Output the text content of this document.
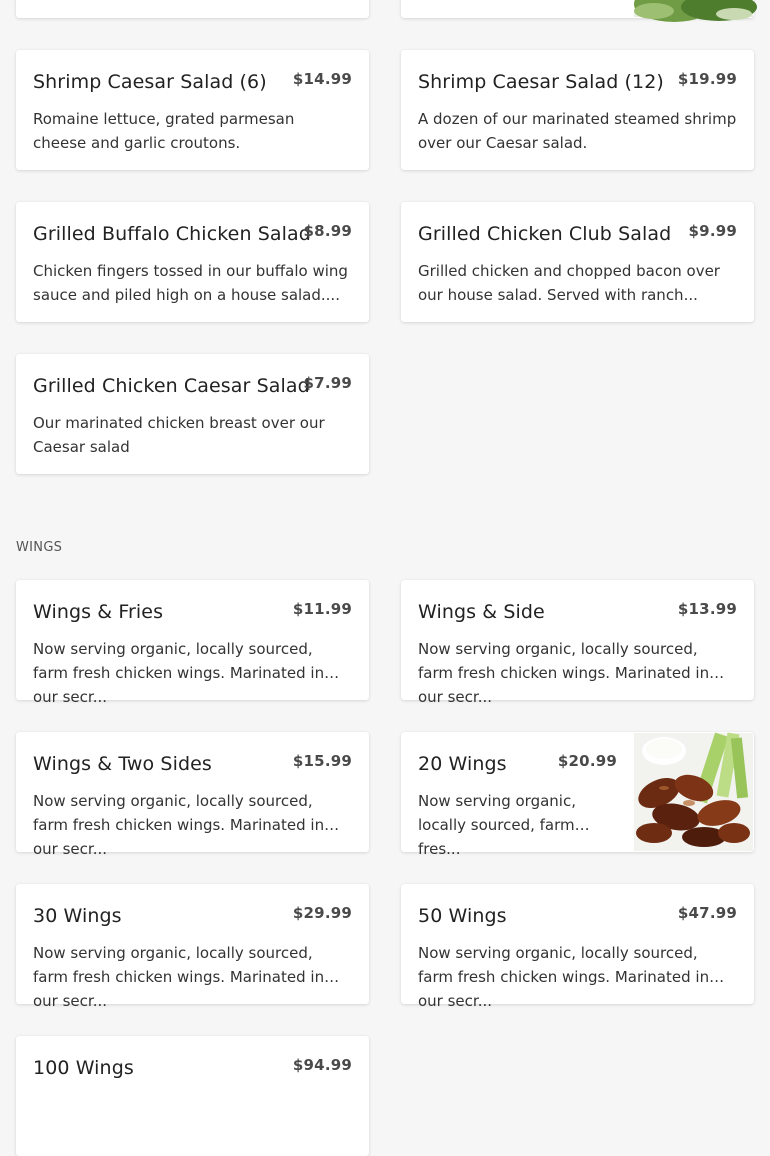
Shrimp Caesar Salad (6) $14.99
Romaine lettuce, grated parmesan cheese and garlic croutons.
Shrimp Caesar Salad (12) $19.99
A dozen of our marinated steamed shrimp over our Caesar salad.
Grilled Buffalo Chicken Salad
$8.99
Chicken fingers tossed in our buffalo wing sauce and piled high on a house salad....
Grilled Chicken Club Salad $9.99
Grilled chicken and chopped bacon over our house salad. Served with ranch...
Grilled Chicken Caesar Salad
$7.99
Our marinated chicken breast over our Caesar salad
WINGS
Wings & Fries	$11.99
Now serving organic, locally sourced, farm fresh chicken wings. Marinated in our secr...
Wings & Side	$13.99
Now serving organic, locally sourced, farm fresh chicken wings. Marinated in our secr...
Wings & Two Sides	$15.99
Now serving organic, locally sourced, farm fresh chicken wings. Marinated in our secr...
20 Wings	$20.99
Now serving organic, locally sourced, farm fres...
30 Wings	$29.99
Now serving organic, locally sourced, farm fresh chicken wings. Marinated in our secr...
50 Wings	$47.99
Now serving organic, locally sourced, farm fresh chicken wings. Marinated in our secr...
100 Wings	$94.99
